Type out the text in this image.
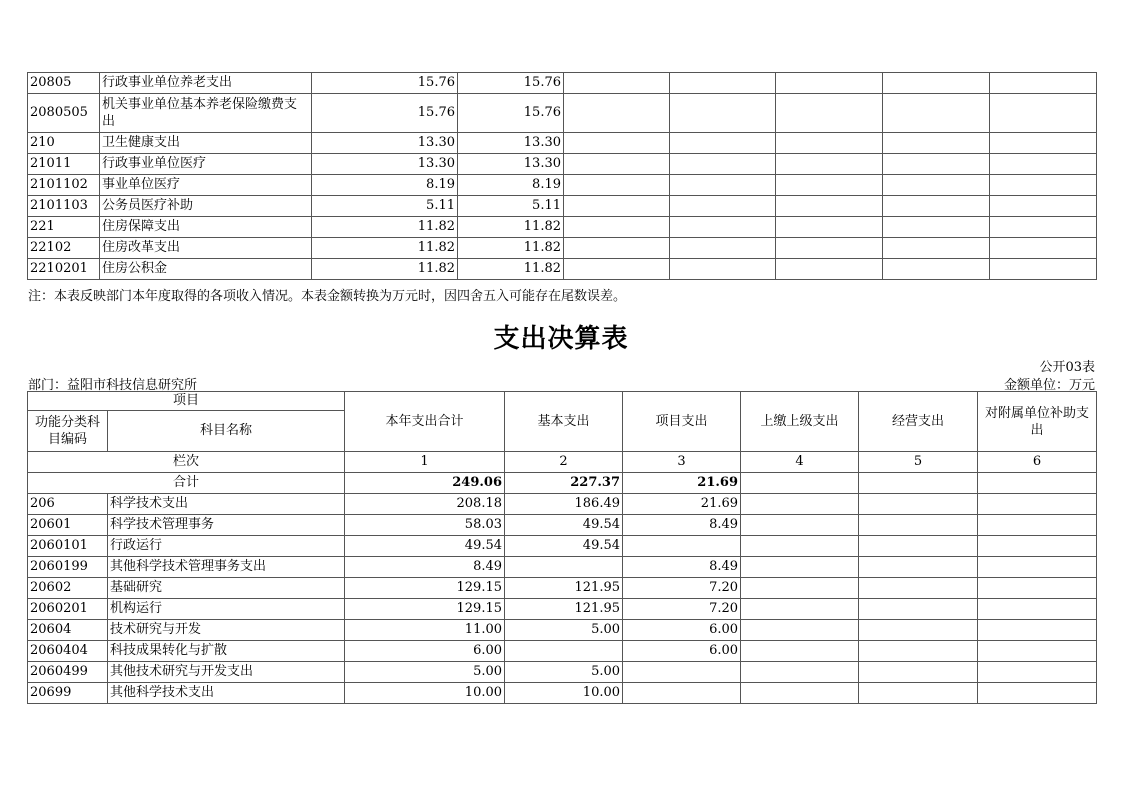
20805	行政事业单位养老支出	15.76	15.76					
2080505	机关事业单位基本养老保险缴费支出	15.76	15.76					
210	卫生健康支出	13.30	13.30					
21011	行政事业单位医疗	13.30	13.30					
2101102	事业单位医疗	8.19	8.19					
2101103	公务员医疗补助	5.11	5.11					
221	住房保障支出	11.82	11.82					
22102	住房改革支出	11.82	11.82					
2210201	住房公积金	11.82	11.82					
注：本表反映部门本年度取得的各项收入情况。本表金额转换为万元时，因四舍五入可能存在尾数误差。
支出决算表
公开03表
部门：益阳市科技信息研究所	金额单位：万元
项目		本年支出合计	基本支出	项目支出	上缴上级支出	经营支出	对附属单位补助支出
功能分类科目编码	科目名称						
栏次		1	2	3	4	5	6
合计		249.06	227.37	21.69			
206	科学技术支出	208.18	186.49	21.69			
20601	科学技术管理事务	58.03	49.54	8.49			
2060101	行政运行	49.54	49.54				
2060199	其他科学技术管理事务支出	8.49		8.49			
20602	基础研究	129.15	121.95	7.20			
2060201	机构运行	129.15	121.95	7.20			
20604	技术研究与开发	11.00	5.00	6.00			
2060404	科技成果转化与扩散	6.00		6.00			
2060499	其他技术研究与开发支出	5.00	5.00				
20699	其他科学技术支出	10.00	10.00				
